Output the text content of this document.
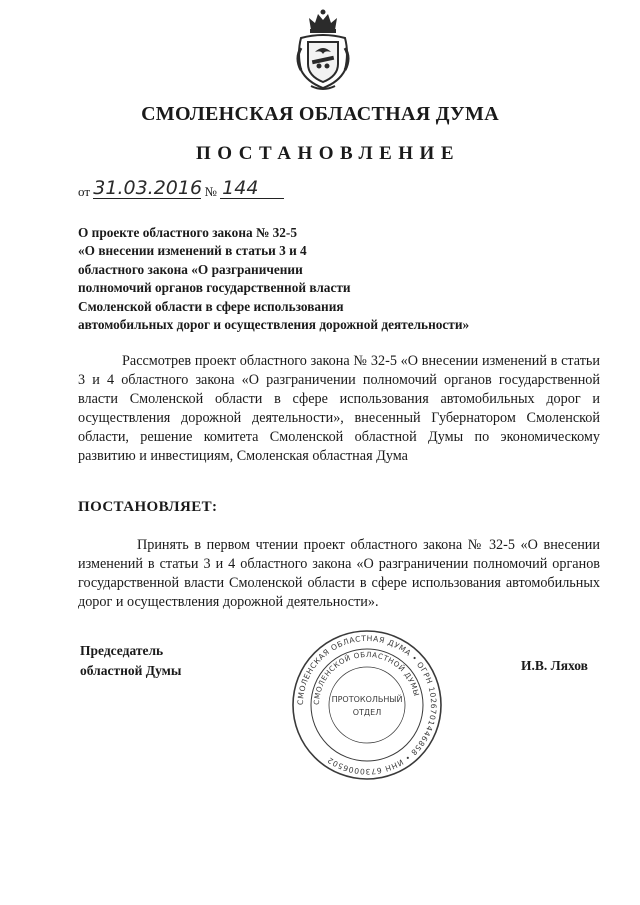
СМОЛЕНСКАЯ ОБЛАСТНАЯ ДУМА
ПОСТАНОВЛЕНИЕ
от 31.03.2016 № 144
О проекте областного закона № 32-5
«О внесении изменений в статьи 3 и 4
областного закона «О разграничении
полномочий органов государственной власти
Смоленской области в сфере использования
автомобильных дорог и осуществления дорожной деятельности»
Рассмотрев проект областного закона № 32-5 «О внесении изменений в статьи 3 и 4 областного закона «О разграничении полномочий органов государственной власти Смоленской области в сфере использования автомобильных дорог и осуществления дорожной деятельности», внесенный Губернатором Смоленской области, решение комитета Смоленской областной Думы по экономическому развитию и инвестициям, Смоленская областная Дума
ПОСТАНОВЛЯЕТ:
Принять в первом чтении проект областного закона № 32-5 «О внесении изменений в статьи 3 и 4 областного закона «О разграничении полномочий органов государственной власти Смоленской области в сфере использования автомобильных дорог и осуществления дорожной деятельности».
Председатель
областной Думы	И.В. Ляхов
СМОЛЕНСКАЯ ОБЛАСТНАЯ ДУМА • ОГРН 1026701446858 • ИНН 6730006502
СМОЛЕНСКОЙ ОБЛАСТНОЙ ДУМЫ
ПРОТОКОЛЬНЫЙ
ОТДЕЛ
